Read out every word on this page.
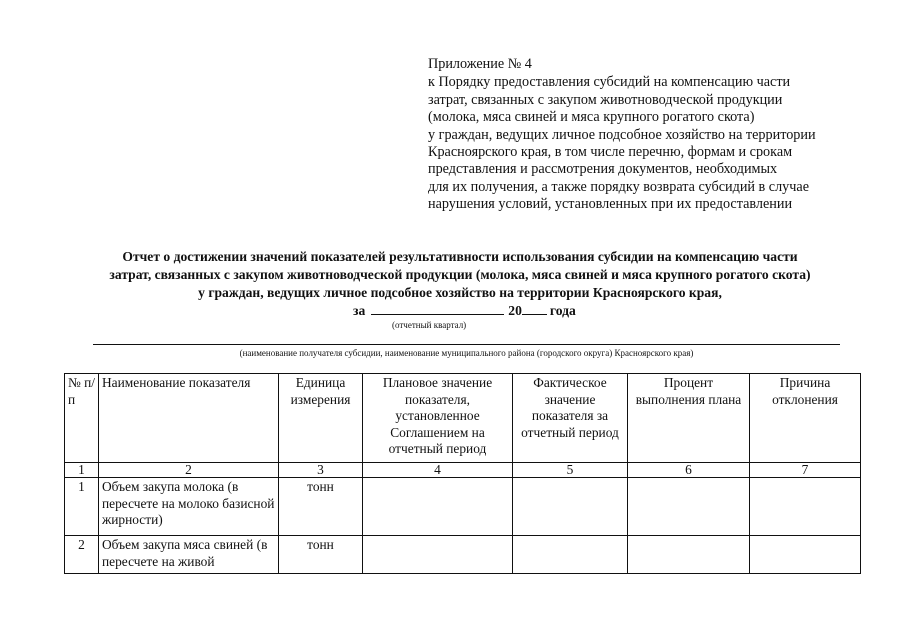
Приложение № 4
к Порядку предоставления субсидий на компенсацию части
затрат, связанных с закупом животноводческой продукции
(молока, мяса свиней и мяса крупного рогатого скота)
у граждан, ведущих личное подсобное хозяйство на территории
Красноярского края, в том числе перечню, формам и срокам
представления и рассмотрения документов, необходимых
для их получения, а также порядку возврата субсидий в случае
нарушения условий, установленных при их предоставлении
Отчет о достижении значений показателей результативности использования субсидии на компенсацию части
затрат, связанных с закупом животноводческой продукции (молока, мяса свиней и мяса крупного рогатого скота)
у граждан, ведущих личное подсобное хозяйство на территории Красноярского края,
за	20 года
(отчетный квартал)
(наименование получателя субсидии, наименование муниципального района (городского округа) Красноярского края)
№ п/п	Наименование показателя	Единица измерения	Плановое значение показателя, установленное Соглашением на отчетный период	Фактическое значение показателя за отчетный период	Процент выполнения плана	Причина отклонения
1	2	3	4	5	6	7
1	Объем закупа молока (в пересчете на молоко базисной жирности)	тонн				
2	Объем закупа мяса свиней (в пересчете на живой	тонн				
